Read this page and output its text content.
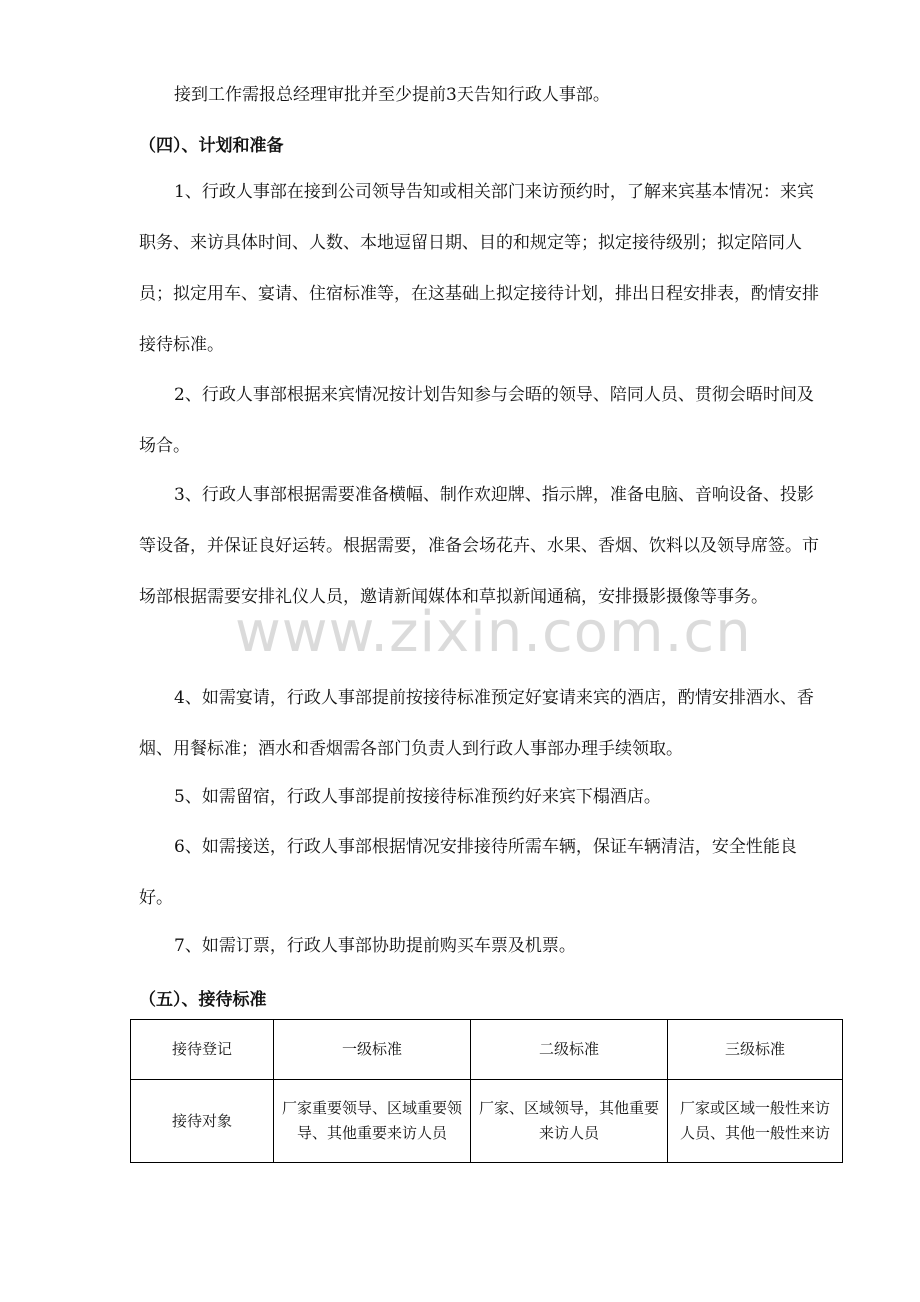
接到工作需报总经理审批并至少提前3天告知行政人事部。

（四）、计划和准备

1、行政人事部在接到公司领导告知或相关部门来访预约时，了解来宾基本情况：来宾职务、来访具体时间、人数、本地逗留日期、目的和规定等；拟定接待级别；拟定陪同人员；拟定用车、宴请、住宿标准等，在这基础上拟定接待计划，排出日程安排表，酌情安排接待标准。

2、行政人事部根据来宾情况按计划告知参与会晤的领导、陪同人员、贯彻会晤时间及场合。

3、行政人事部根据需要准备横幅、制作欢迎牌、指示牌，准备电脑、音响设备、投影等设备，并保证良好运转。根据需要，准备会场花卉、水果、香烟、饮料以及领导席签。市场部根据需要安排礼仪人员，邀请新闻媒体和草拟新闻通稿，安排摄影摄像等事务。

4、如需宴请，行政人事部提前按接待标准预定好宴请来宾的酒店，酌情安排酒水、香烟、用餐标准；酒水和香烟需各部门负责人到行政人事部办理手续领取。

5、如需留宿，行政人事部提前按接待标准预约好来宾下榻酒店。

6、如需接送，行政人事部根据情况安排接待所需车辆，保证车辆清洁，安全性能良好。

7、如需订票，行政人事部协助提前购买车票及机票。

（五）、接待标准
接待登记	一级标准	二级标准	三级标准
接待对象	厂家重要领导、区域重要领导、其他重要来访人员	厂家、区域领导，其他重要来访人员	厂家或区域一般性来访人员、其他一般性来访
www.zixin.com.cn
